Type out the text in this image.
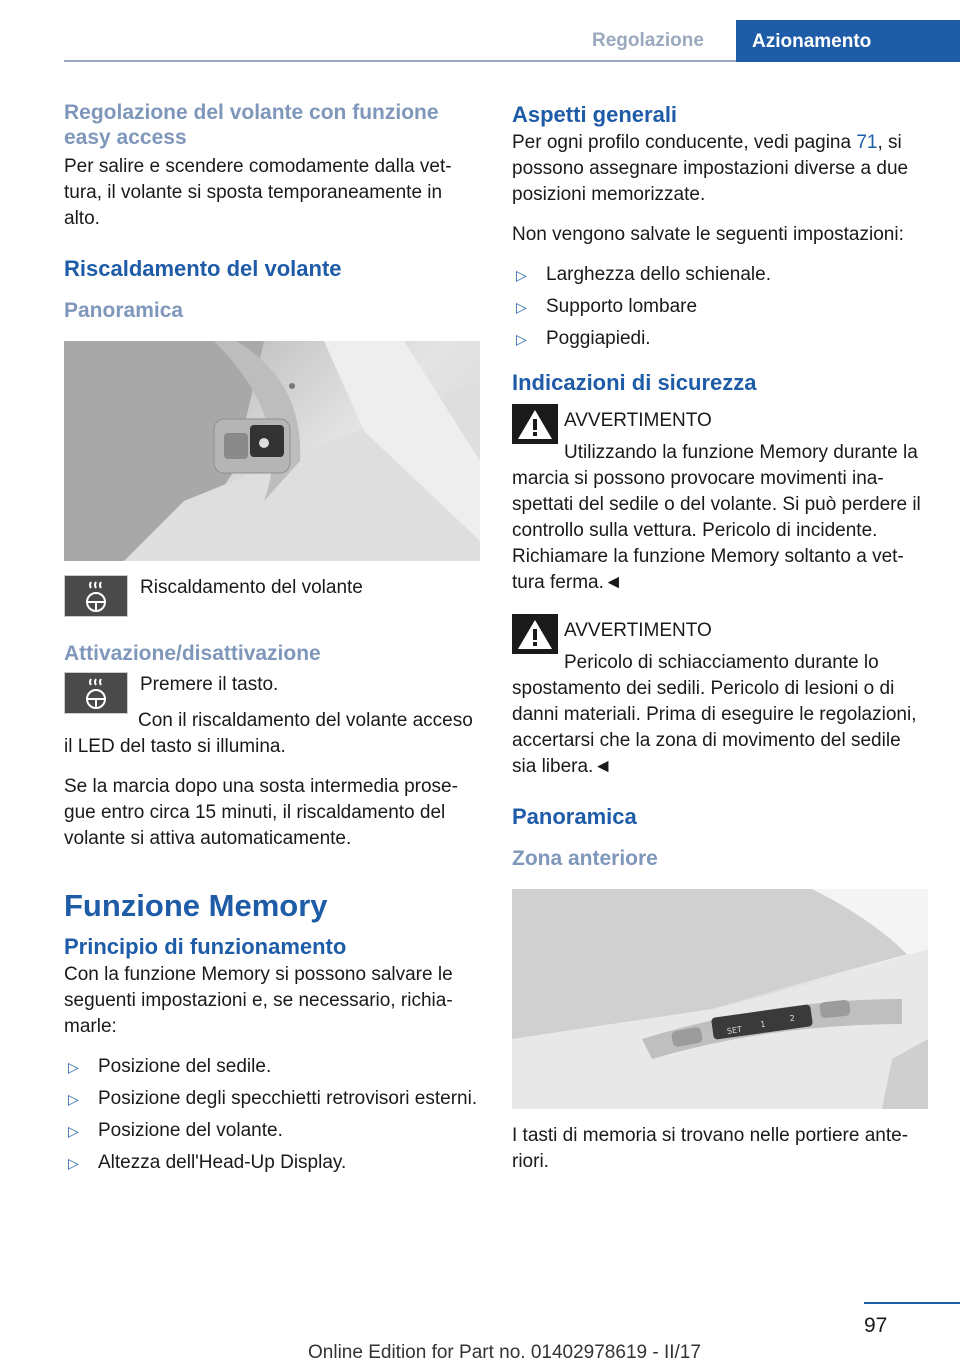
Regolazione	Azionamento
Regolazione del volante con funzione easy access

Per salire e scendere comodamente dalla vettura, il volante si sposta temporaneamente in alto.

Riscaldamento del volante
Panoramica
Riscaldamento del volante
Attivazione/disattivazione
Premere il tasto.

Con il riscaldamento del volante acceso il LED del tasto si illumina.

Se la marcia dopo una sosta intermedia prosegue entro circa 15 minuti, il riscaldamento del volante si attiva automaticamente.

Funzione Memory
Principio di funzionamento

Con la funzione Memory si possono salvare le seguenti impostazioni e, se necessario, richiamarle:

▷ Posizione del sedile.
▷ Posizione degli specchietti retrovisori esterni.
▷ Posizione del volante.
▷ Altezza dell'Head-Up Display.
Aspetti generali

Per ogni profilo conducente, vedi pagina 71, si possono assegnare impostazioni diverse a due posizioni memorizzate.

Non vengono salvate le seguenti impostazioni:

▷ Larghezza dello schienale.
▷ Supporto lombare
▷ Poggiapiedi.
Indicazioni di sicurezza
AVVERTIMENTO

Utilizzando la funzione Memory durante la marcia si possono provocare movimenti inaspettati del sedile o del volante. Si può perdere il controllo sulla vettura. Pericolo di incidente. Richiamare la funzione Memory soltanto a vettura ferma.◄

AVVERTIMENTO

Pericolo di schiacciamento durante lo spostamento dei sedili. Pericolo di lesioni o di danni materiali. Prima di eseguire le regolazioni, accertarsi che la zona di movimento del sedile sia libera.◄

Panoramica
Zona anteriore
SET
1
2

I tasti di memoria si trovano nelle portiere anteriori.

97
Online Edition for Part no. 01402978619 - II/17
